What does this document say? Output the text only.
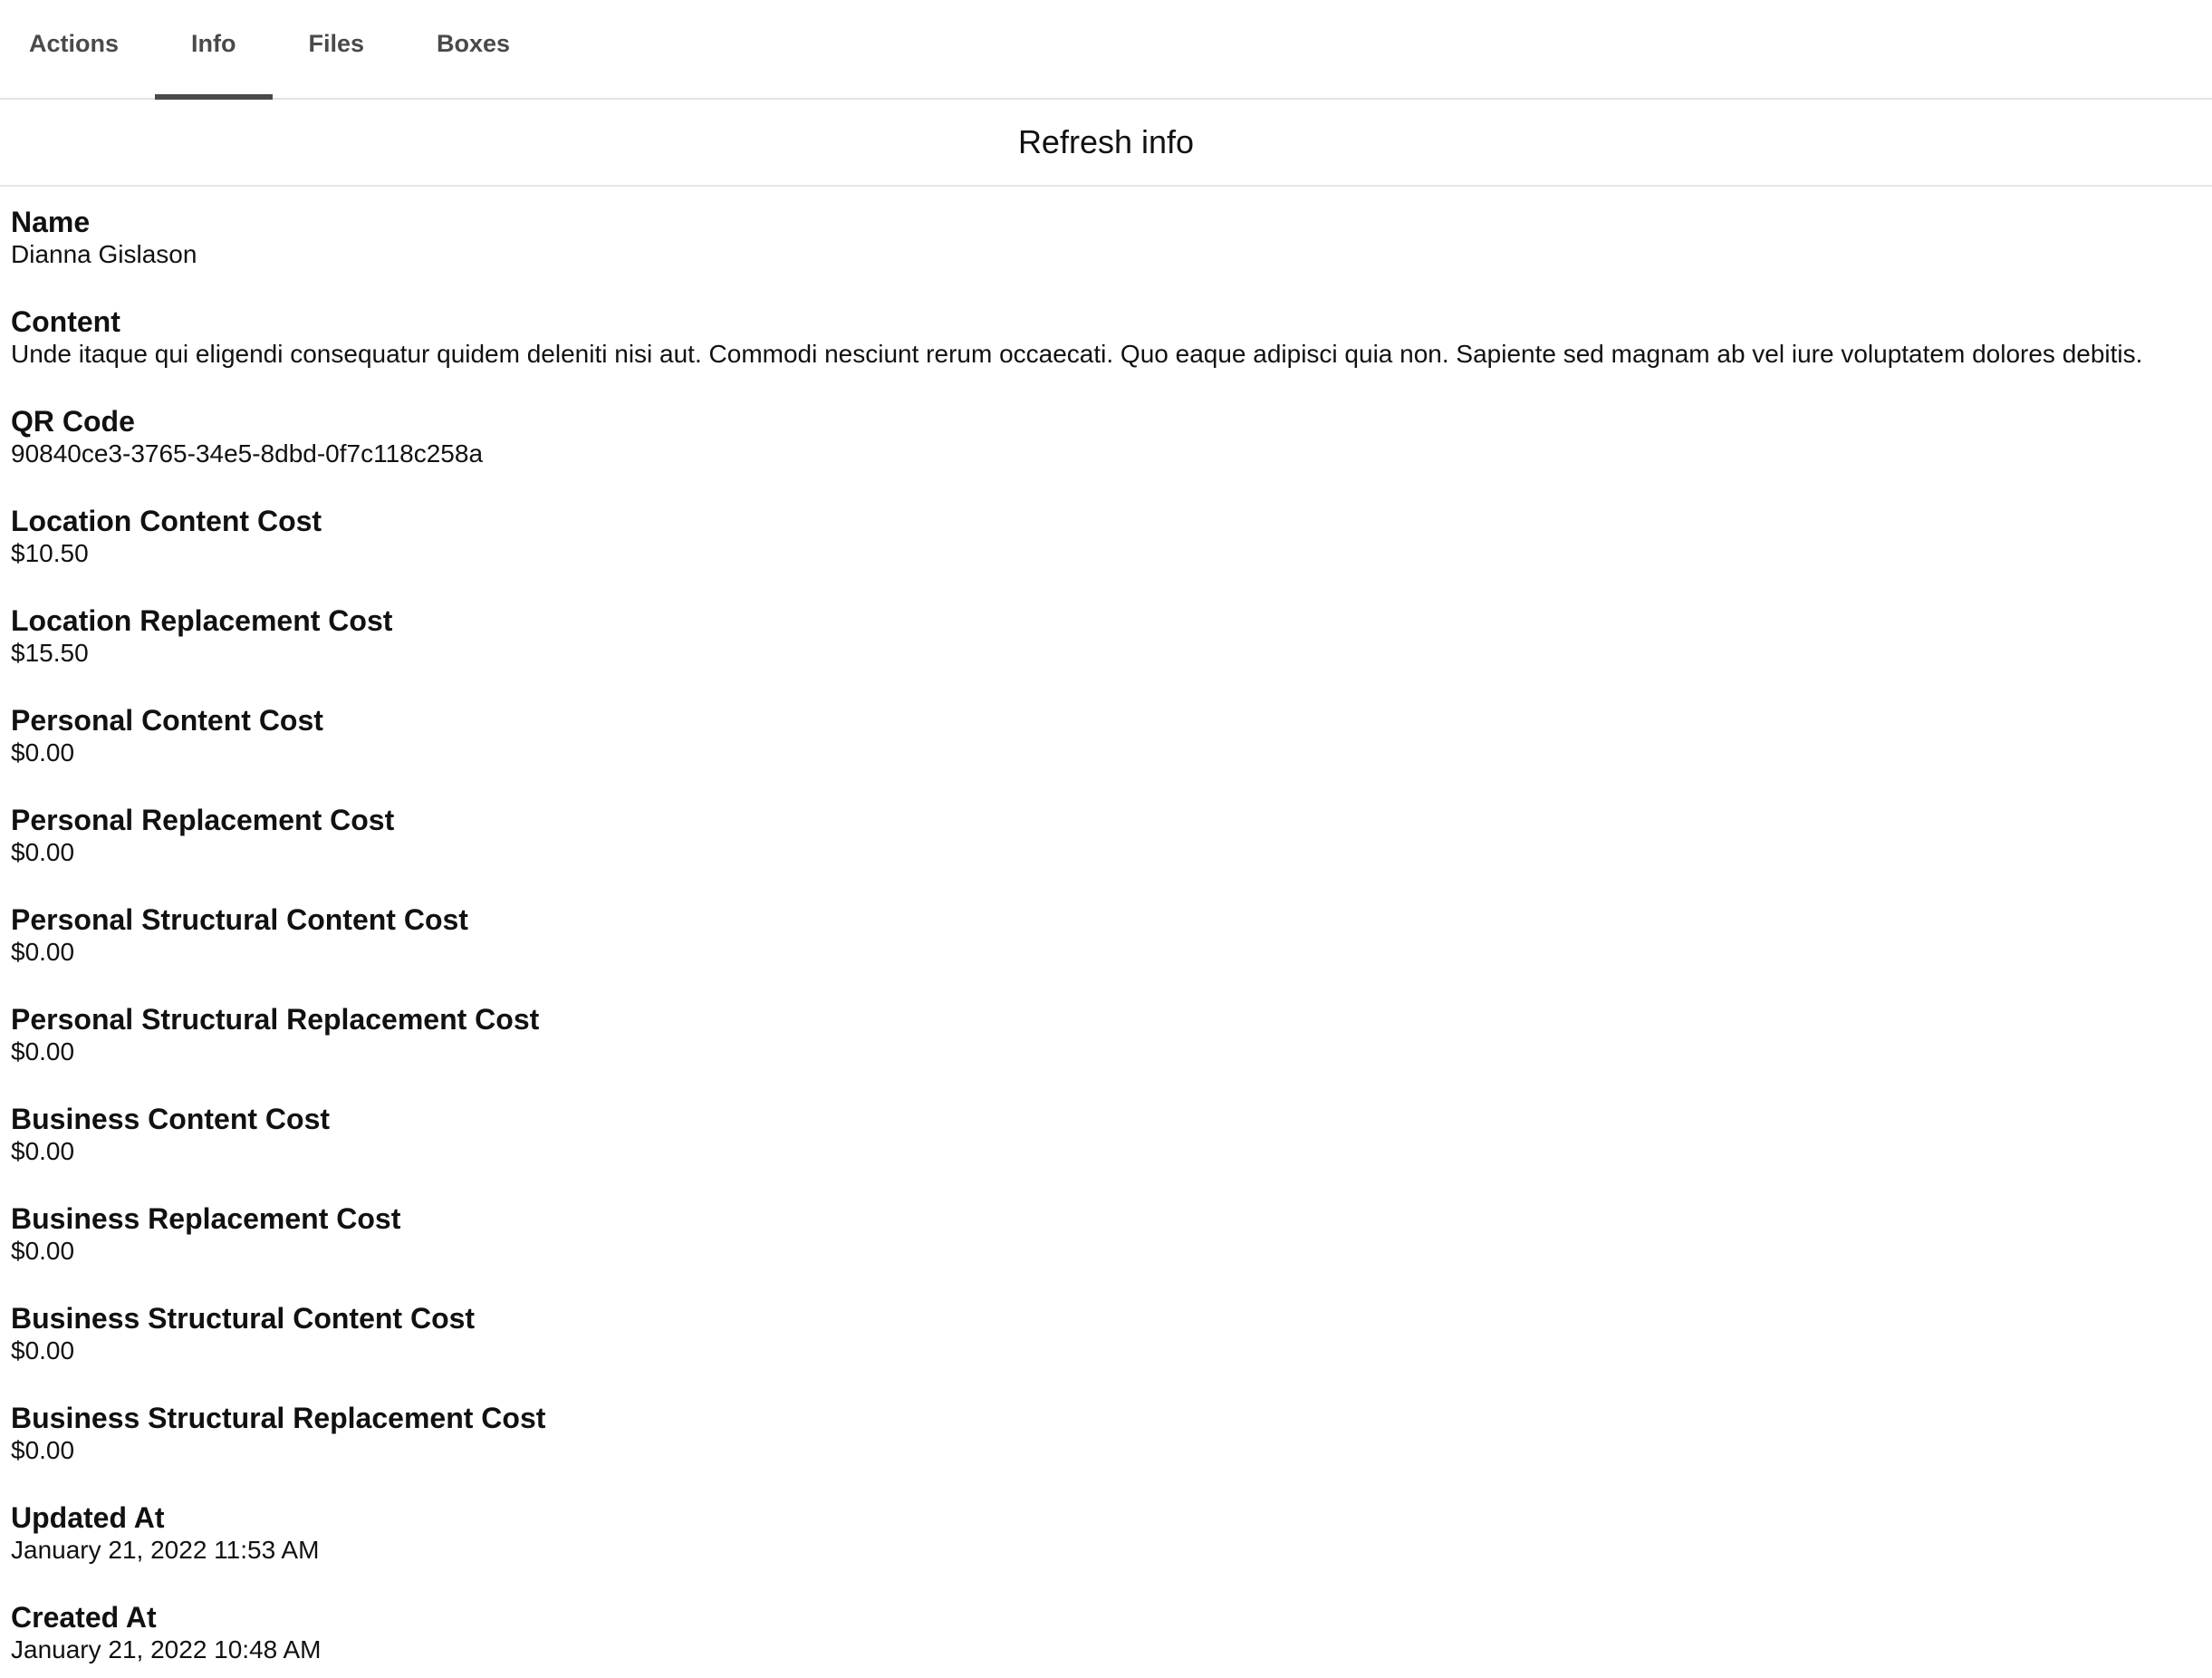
Actions	Info	Files	Boxes
Refresh info
Name
Dianna Gislason
Content
Unde itaque qui eligendi consequatur quidem deleniti nisi aut. Commodi nesciunt rerum occaecati. Quo eaque adipisci quia non. Sapiente sed magnam ab vel iure voluptatem dolores debitis.
QR Code
90840ce3-3765-34e5-8dbd-0f7c118c258a
Location Content Cost
$10.50
Location Replacement Cost
$15.50
Personal Content Cost
$0.00
Personal Replacement Cost
$0.00
Personal Structural Content Cost
$0.00
Personal Structural Replacement Cost
$0.00
Business Content Cost
$0.00
Business Replacement Cost
$0.00
Business Structural Content Cost
$0.00
Business Structural Replacement Cost
$0.00
Updated At
January 21, 2022 11:53 AM
Created At
January 21, 2022 10:48 AM
